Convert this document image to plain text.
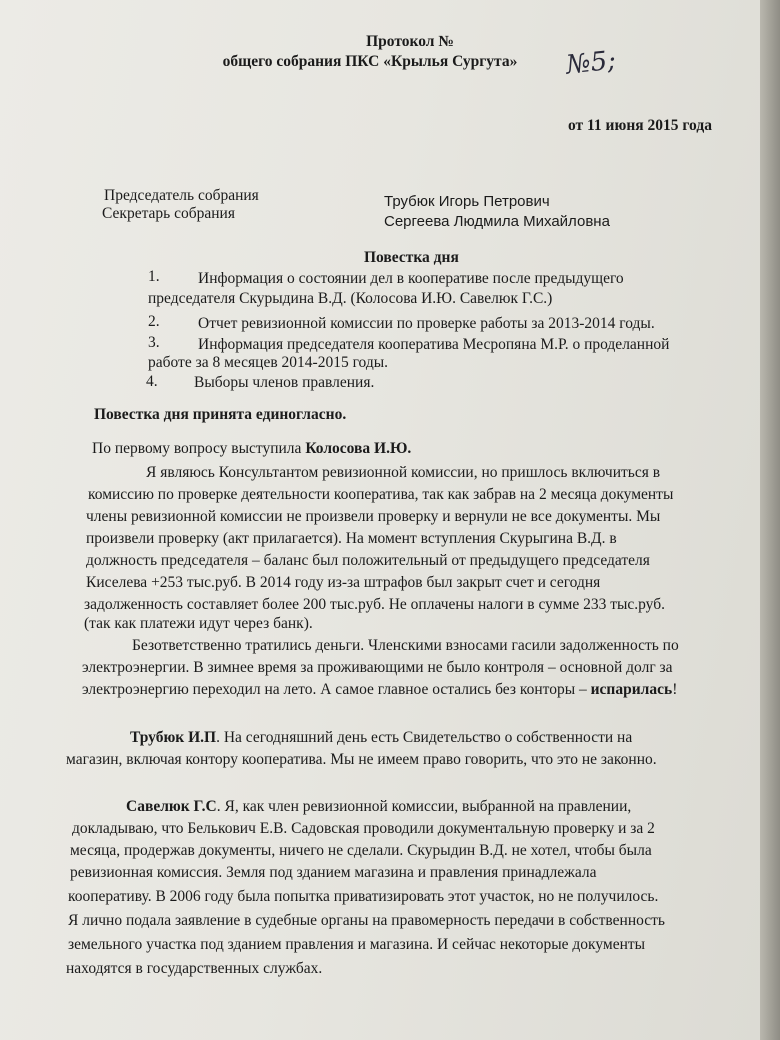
Протокол №
общего собрания ПКС «Крылья Сургута»	№5;
от 11 июня 2015 года
Председатель собрания	Трубюк Игорь Петрович
Секретарь собрания	Сергеева Людмила Михайловна
Повестка дня
1. Информация о состоянии дел в кооперативе после предыдущего
председателя Скурыдина В.Д. (Колосова И.Ю. Савелюк Г.С.)
2. Отчет ревизионной комиссии по проверке работы за 2013-2014 годы.
3. Информация председателя кооператива Месропяна М.Р. о проделанной
работе за 8 месяцев 2014-2015 годы.
4. Выборы членов правления.
Повестка дня принята единогласно.
По первому вопросу выступила Колосова И.Ю.
Я являюсь Консультантом ревизионной комиссии, но пришлось включиться в
комиссию по проверке деятельности кооператива, так как забрав на 2 месяца документы
члены ревизионной комиссии не произвели проверку и вернули не все документы. Мы
произвели проверку (акт прилагается). На момент вступления Скурыгина В.Д. в
должность председателя – баланс был положительный от предыдущего председателя
Киселева +253 тыс.руб. В 2014 году из-за штрафов был закрыт счет и сегодня
задолженность составляет более 200 тыс.руб. Не оплачены налоги в сумме 233 тыс.руб.
(так как платежи идут через банк).
Безответственно тратились деньги. Членскими взносами гасили задолженность по
электроэнергии. В зимнее время за проживающими не было контроля – основной долг за
электроэнергию переходил на лето. А самое главное остались без конторы – испарилась!
Трубюк И.П. На сегодняшний день есть Свидетельство о собственности на
магазин, включая контору кооператива. Мы не имеем право говорить, что это не законно.
Савелюк Г.С. Я, как член ревизионной комиссии, выбранной на правлении,
докладываю, что Белькович Е.В. Садовская проводили документальную проверку и за 2
месяца, продержав документы, ничего не сделали. Скурыдин В.Д. не хотел, чтобы была
ревизионная комиссия. Земля под зданием магазина и правления принадлежала
кооперативу. В 2006 году была попытка приватизировать этот участок, но не получилось.
Я лично подала заявление в судебные органы на правомерность передачи в собственность
земельного участка под зданием правления и магазина. И сейчас некоторые документы
находятся в государственных службах.
